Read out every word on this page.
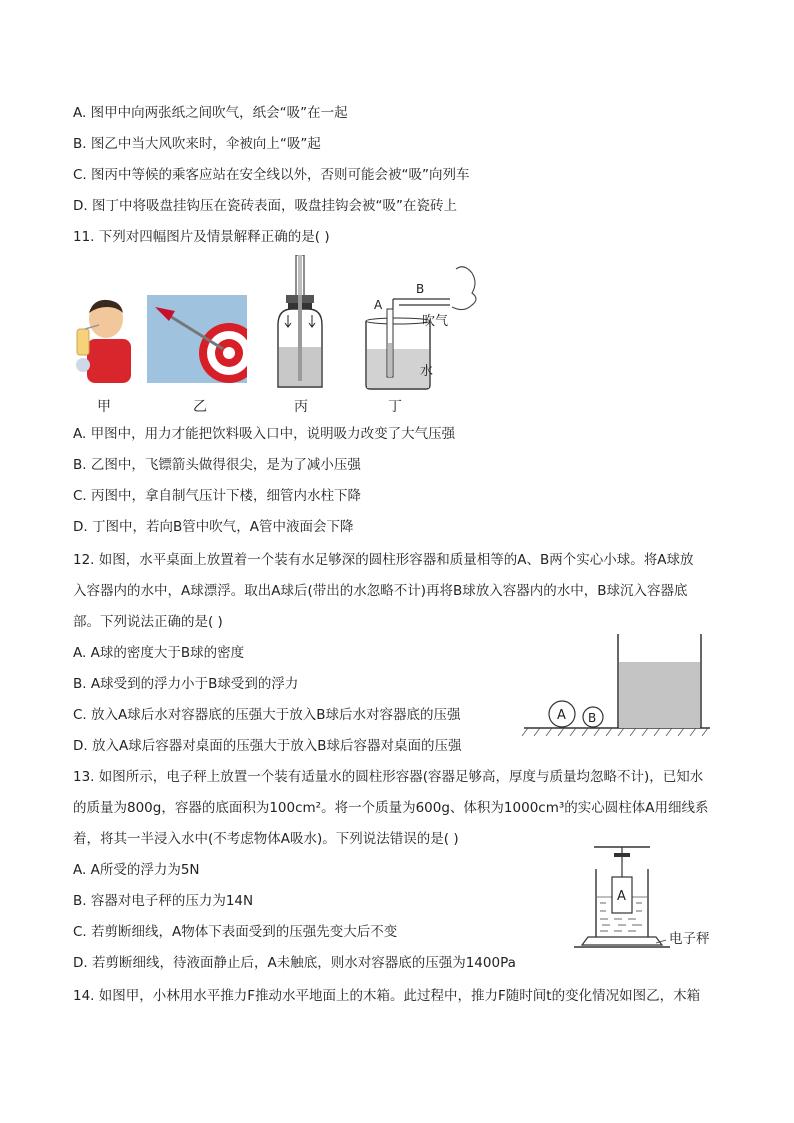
A. 图甲中向两张纸之间吹气，纸会“吸”在一起
B. 图乙中当大风吹来时，伞被向上“吸”起
C. 图丙中等候的乘客应站在安全线以外，否则可能会被“吸”向列车
D. 图丁中将吸盘挂钩压在瓷砖表面，吸盘挂钩会被“吸”在瓷砖上
11. 下列对四幅图片及情景解释正确的是( )
A
B
吹气
水
甲	乙	丙	丁
A. 甲图中，用力才能把饮料吸入口中，说明吸力改变了大气压强
B. 乙图中，飞镖箭头做得很尖，是为了减小压强
C. 丙图中，拿自制气压计下楼，细管内水柱下降
D. 丁图中，若向B管中吹气，A管中液面会下降
12. 如图，水平桌面上放置着一个装有水足够深的圆柱形容器和质量相等的A、B两个实心小球。将A球放
入容器内的水中，A球漂浮。取出A球后(带出的水忽略不计)再将B球放入容器内的水中，B球沉入容器底
部。下列说法正确的是( )
A B
A. A球的密度大于B球的密度
B. A球受到的浮力小于B球受到的浮力
C. 放入A球后水对容器底的压强大于放入B球后水对容器底的压强
D. 放入A球后容器对桌面的压强大于放入B球后容器对桌面的压强
13. 如图所示，电子秤上放置一个装有适量水的圆柱形容器(容器足够高，厚度与质量均忽略不计)，已知水
的质量为800g，容器的底面积为100cm²。将一个质量为600g、体积为1000cm³的实心圆柱体A用细线系
着，将其一半浸入水中(不考虑物体A吸水)。下列说法错误的是( )
A
电子秤
A. A所受的浮力为5N
B. 容器对电子秤的压力为14N
C. 若剪断细线，A物体下表面受到的压强先变大后不变
D. 若剪断细线，待液面静止后，A未触底，则水对容器底的压强为1400Pa
14. 如图甲，小林用水平推力F推动水平地面上的木箱。此过程中，推力F随时间t的变化情况如图乙，木箱
